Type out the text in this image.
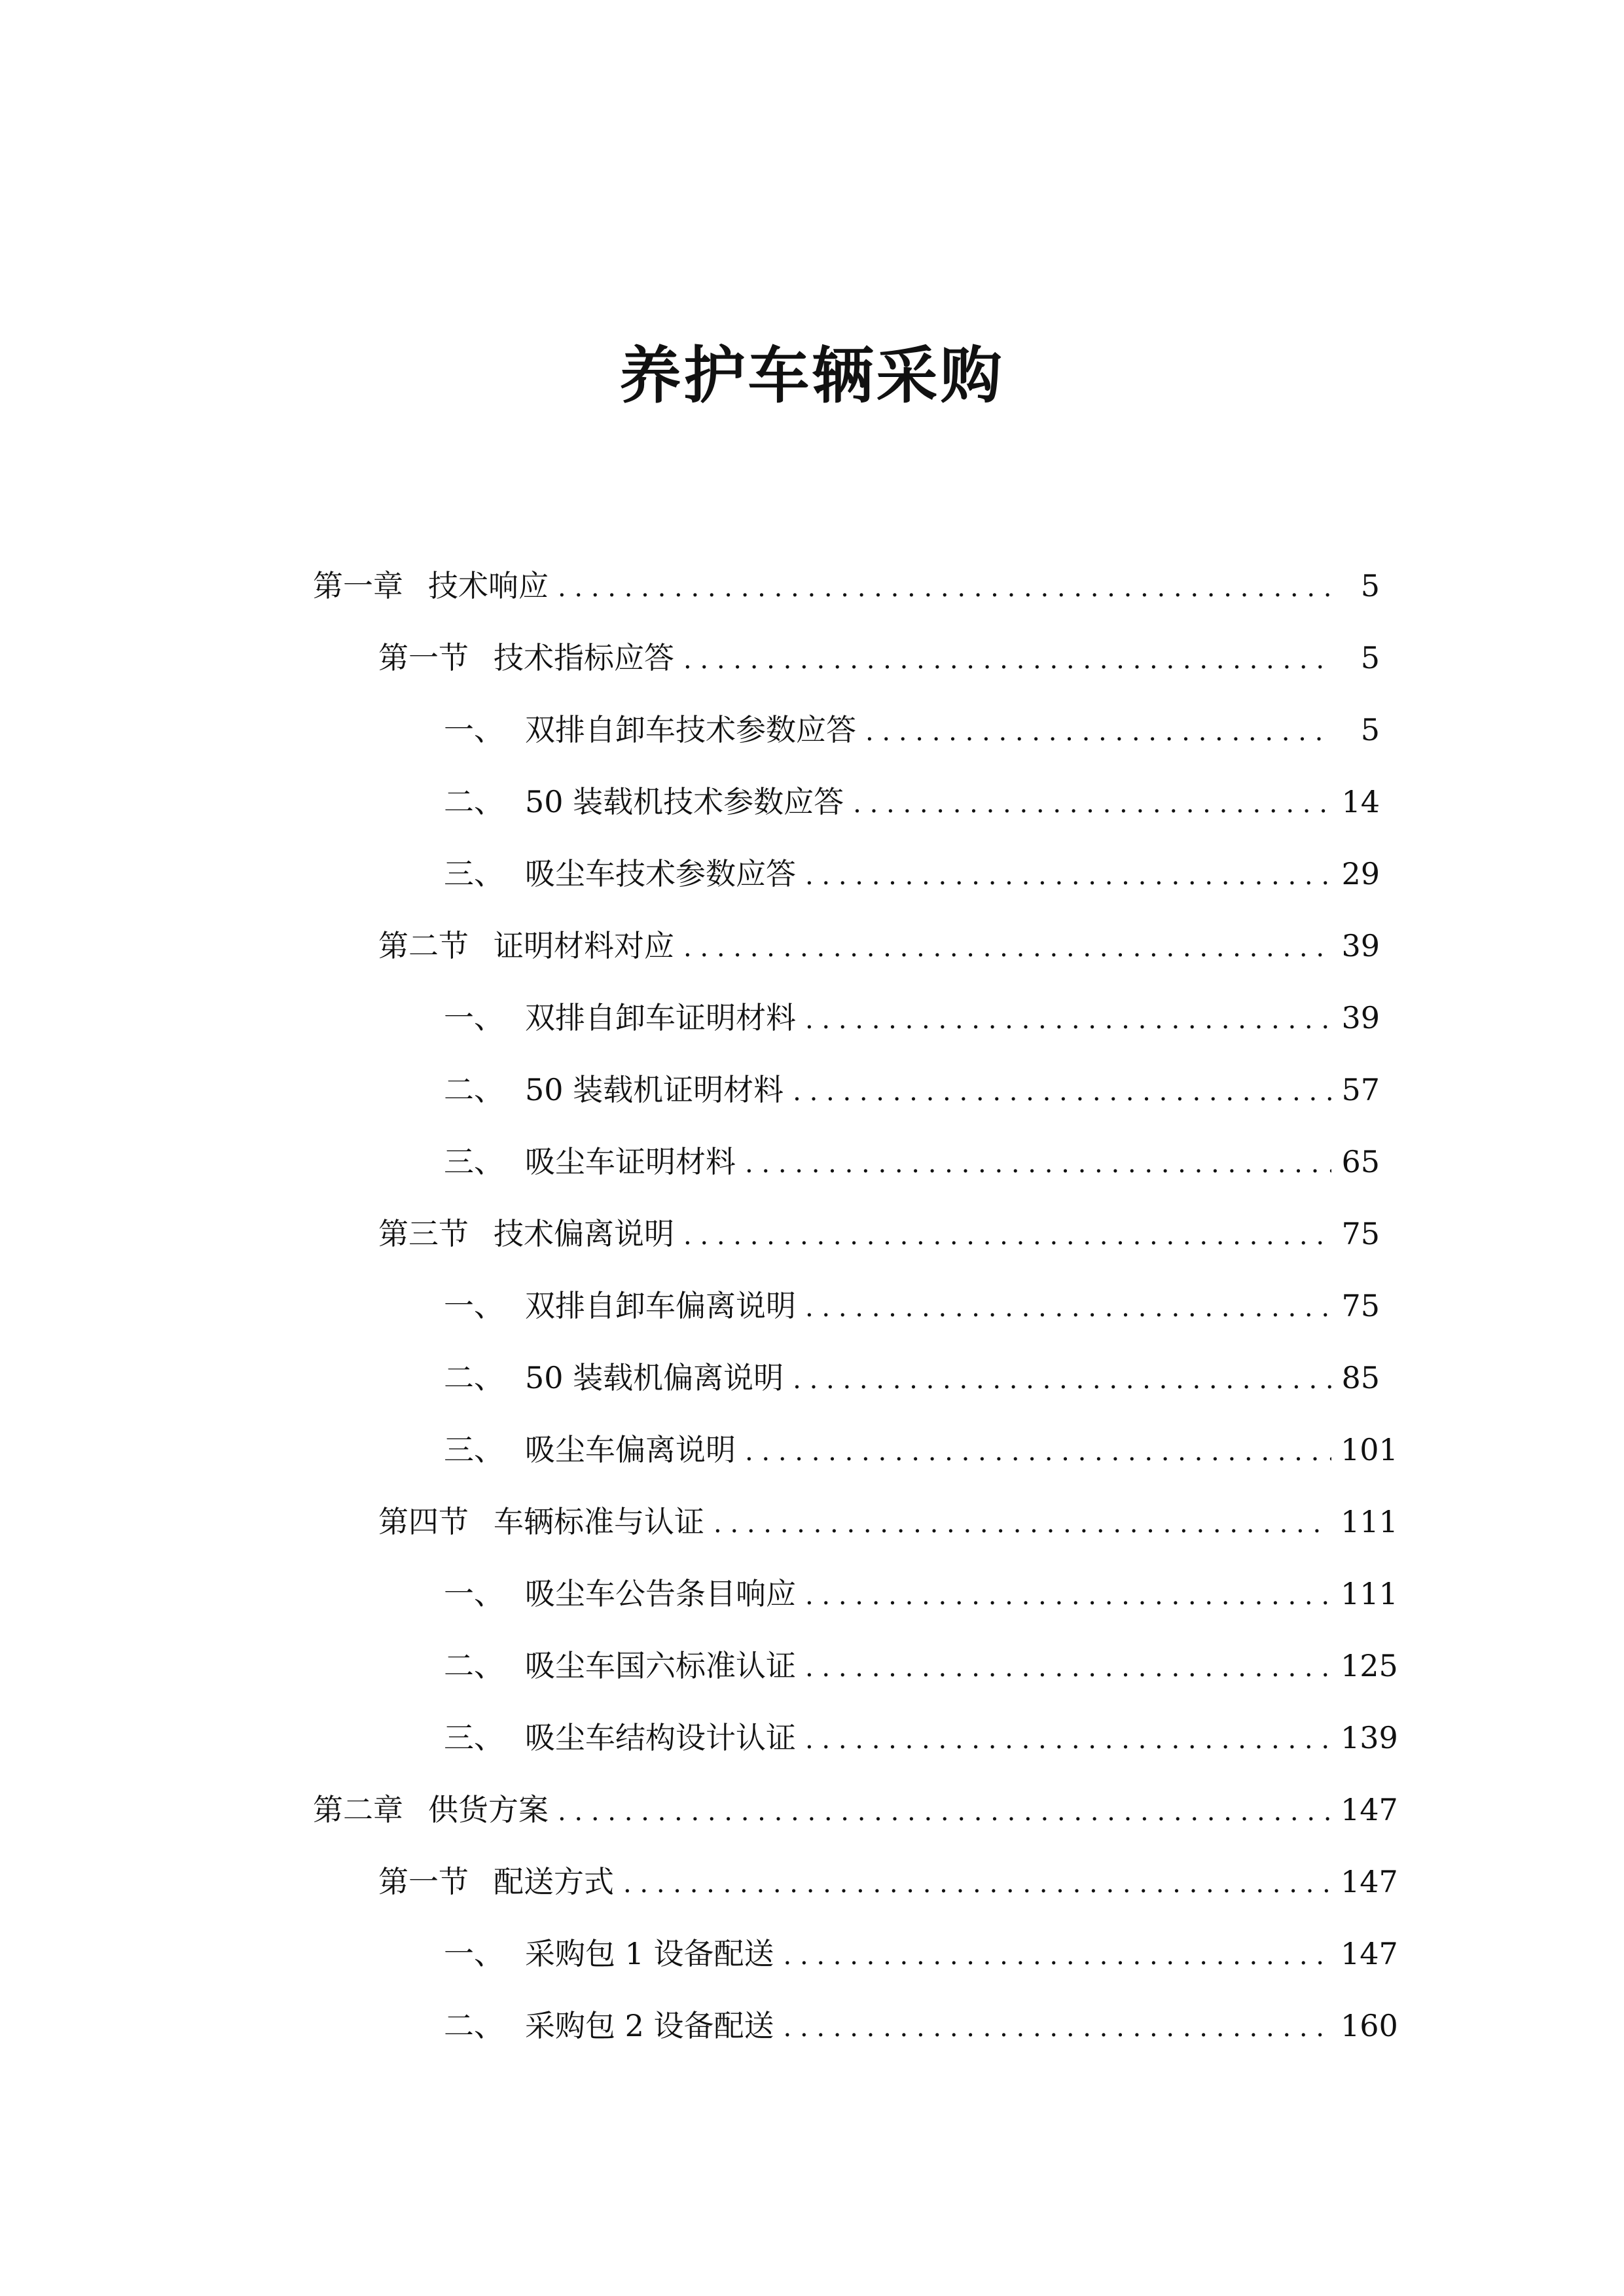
养护车辆采购
第一章 技术响应 . . .	5
第一节 技术指标应答 . . .	5
一、 双排自卸车技术参数应答 . . .	5
二、 50 装载机技术参数应答 . . .	14
三、 吸尘车技术参数应答 . . .	29
第二节 证明材料对应 . . .	39
一、 双排自卸车证明材料 . . .	39
二、 50 装载机证明材料 . . .	57
三、 吸尘车证明材料 . . .	65
第三节 技术偏离说明 . . .	75
一、 双排自卸车偏离说明 . . .	75
二、 50 装载机偏离说明 . . .	85
三、 吸尘车偏离说明 . . .	101
第四节 车辆标准与认证 . . .	111
一、 吸尘车公告条目响应 . . .	111
二、 吸尘车国六标准认证 . . .	125
三、 吸尘车结构设计认证 . . .	139
第二章 供货方案 . . .	147
第一节 配送方式 . . .	147
一、 采购包 1 设备配送 . . .	147
二、 采购包 2 设备配送 . . .	160
